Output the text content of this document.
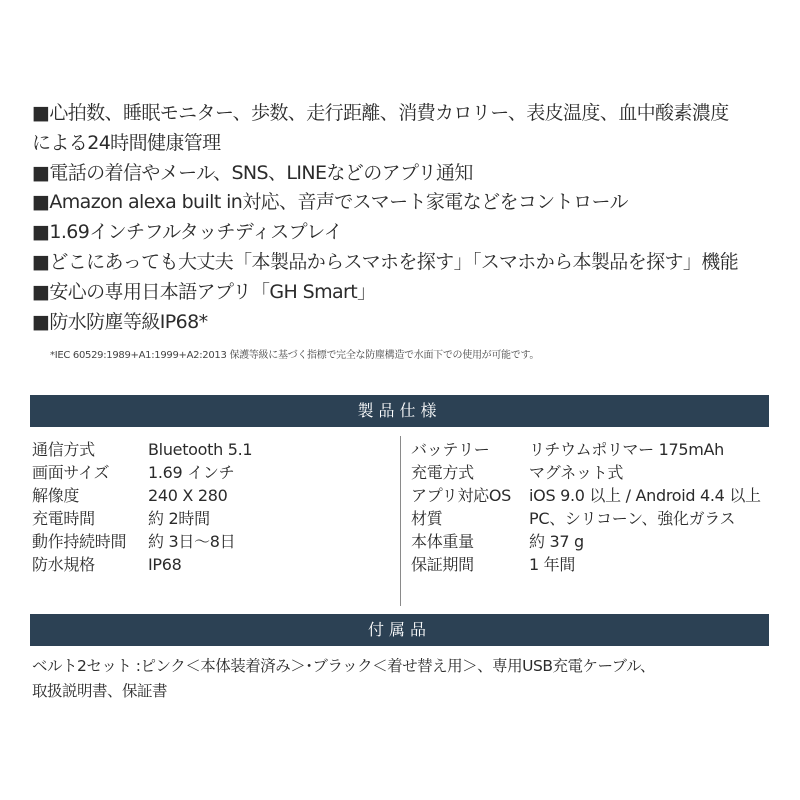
■心拍数、睡眠モニター、歩数、走行距離、消費カロリー、表皮温度、血中酸素濃度
による24時間健康管理
■電話の着信やメール、SNS、LINEなどのアプリ通知
■Amazon alexa built in対応、音声でスマート家電などをコントロール
■1.69インチフルタッチディスプレイ
■どこにあっても大丈夫「本製品からスマホを探す」「スマホから本製品を探す」機能
■安心の専用日本語アプリ「GH Smart」
■防水防塵等級IP68*
*IEC 60529:1989+A1:1999+A2:2013 保護等級に基づく指標で完全な防塵構造で水面下での使用が可能です。
製品仕様
通信方式	Bluetooth 5.1
画面サイズ	1.69 インチ
解像度	240 X 280
充電時間	約 2時間
動作持続時間	約 3日～8日
防水規格	IP68
バッテリー	リチウムポリマー 175mAh
充電方式	マグネット式
アプリ対応OS	iOS 9.0 以上 / Android 4.4 以上
材質	PC、シリコーン、強化ガラス
本体重量	約 37 g
保証期間	1 年間
付属品
ベルト2セット :ピンク＜本体装着済み＞･ブラック＜着せ替え用＞、専用USB充電ケーブル、
取扱説明書、保証書
